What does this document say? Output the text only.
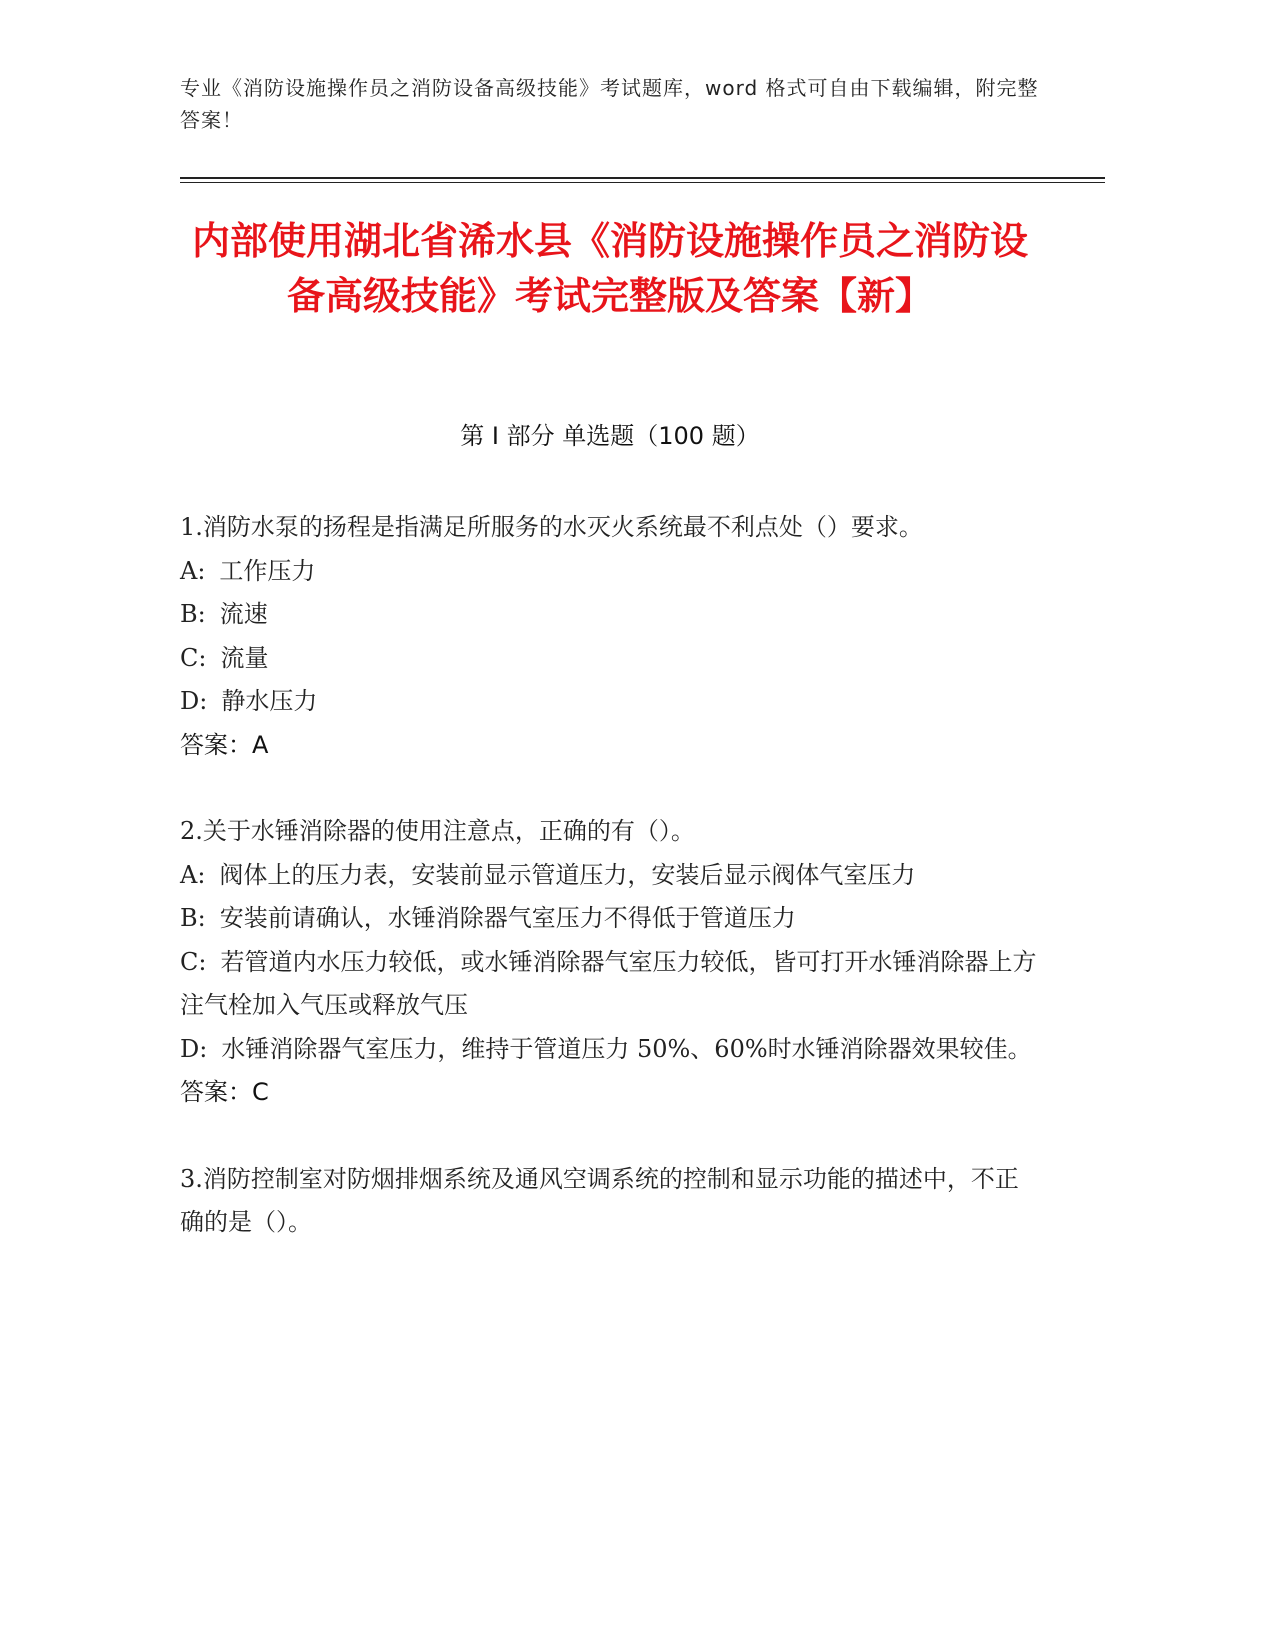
专业《消防设施操作员之消防设备高级技能》考试题库，word 格式可自由下载编辑，附完整答案！
内部使用湖北省浠水县《消防设施操作员之消防设备高级技能》考试完整版及答案【新】
第 I 部分 单选题（100 题）

1.消防水泵的扬程是指满足所服务的水灭火系统最不利点处（）要求。

A: 工作压力

B: 流速

C: 流量

D: 静水压力

答案：A

2.关于水锤消除器的使用注意点，正确的有（）。

A: 阀体上的压力表，安装前显示管道压力，安装后显示阀体气室压力

B: 安装前请确认，水锤消除器气室压力不得低于管道压力

C: 若管道内水压力较低，或水锤消除器气室压力较低，皆可打开水锤消除器上方注气栓加入气压或释放气压

D: 水锤消除器气室压力，维持于管道压力 50%、60%时水锤消除器效果较佳。

答案：C

3.消防控制室对防烟排烟系统及通风空调系统的控制和显示功能的描述中，不正确的是（）。
